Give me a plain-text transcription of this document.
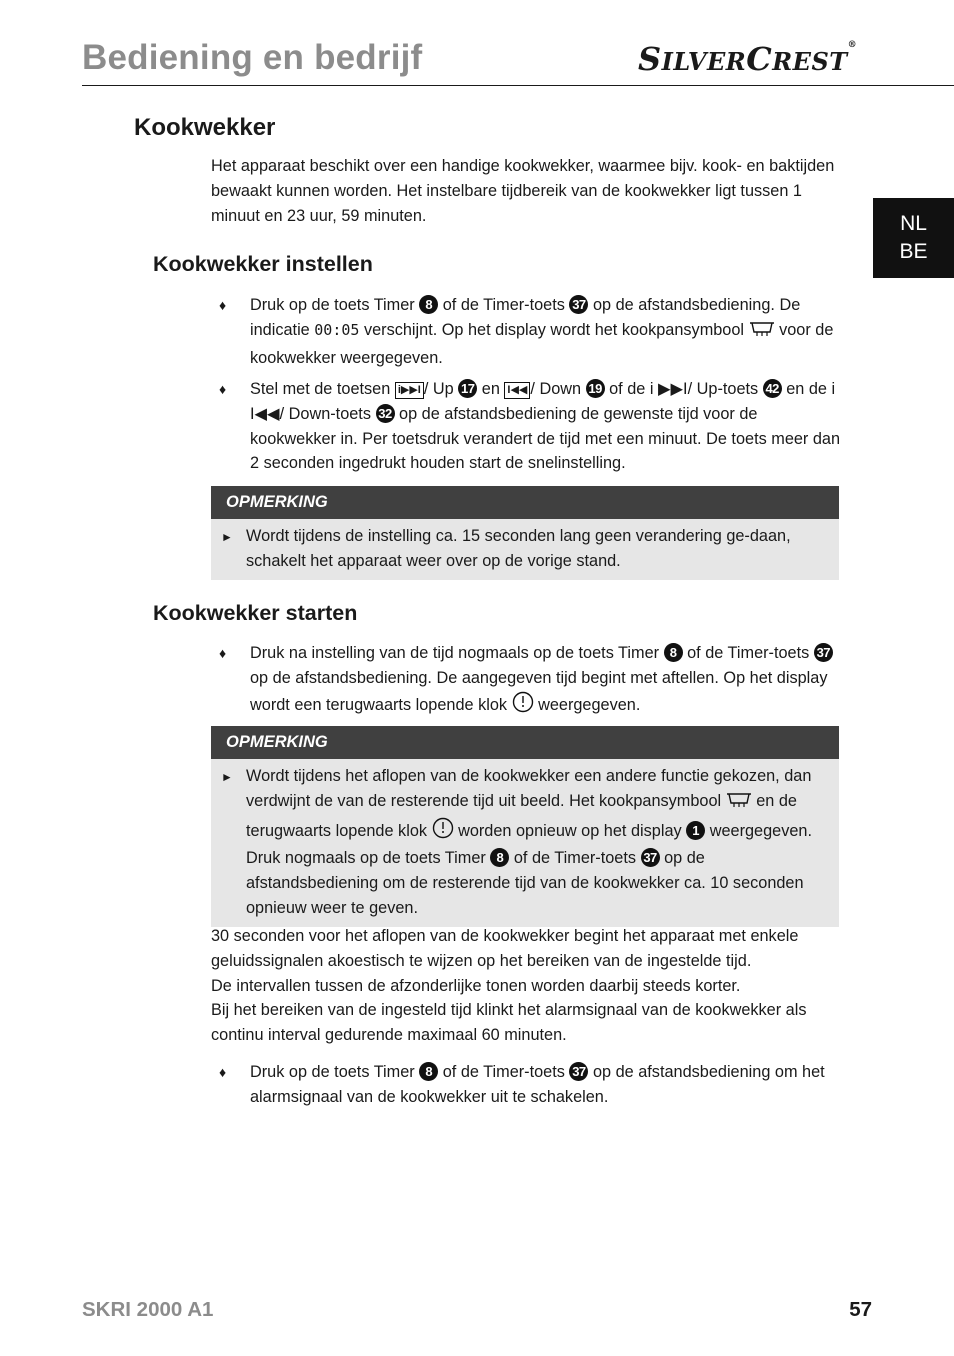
Bediening en bedrijf	SILVERCREST®
NL
BE
Kookwekker
Het apparaat beschikt over een handige kookwekker, waarmee bijv. kook- en baktijden bewaakt kunnen worden. Het instelbare tijdbereik van de kookwekker ligt tussen 1 minuut en 23 uur, 59 minuten.
Kookwekker instellen
♦ Druk op de toets Timer 8 of de Timer-toets 37 op de afstandsbediening. De indicatie 00:05 verschijnt. Op het display wordt het kookpansymbool  voor de kookwekker weergegeven.
♦ Stel met de toetsen i▶▶I / Up 17 en I◀◀ / Down 19 of de i ▶▶I/ Up-toets 42 en de i I◀◀/ Down-toets 32 op de afstandsbediening de gewenste tijd voor de kookwekker in. Per toetsdruk verandert de tijd met een minuut. De toets meer dan 2 seconden ingedrukt houden start de snelinstelling.
OPMERKING
► Wordt tijdens de instelling ca. 15 seconden lang geen verandering ge-daan, schakelt het apparaat weer over op de vorige stand.
Kookwekker starten
♦ Druk na instelling van de tijd nogmaals op de toets Timer 8 of de Timer-toets 37 op de afstandsbediening. De aangegeven tijd begint met aftellen. Op het display wordt een terugwaarts lopende klok  weergegeven.
OPMERKING
► Wordt tijdens het aflopen van de kookwekker een andere functie gekozen, dan verdwijnt de van de resterende tijd uit beeld. Het kookpansymbool  en de terugwaarts lopende klok  worden opnieuw op het display 1 weergegeven. Druk nogmaals op de toets Timer 8 of de Timer-toets 37 op de afstandsbediening om de resterende tijd van de kookwekker ca. 10 seconden opnieuw weer te geven.
30 seconden voor het aflopen van de kookwekker begint het apparaat met enkele geluidssignalen akoestisch te wijzen op het bereiken van de ingestelde tijd.
De intervallen tussen de afzonderlijke tonen worden daarbij steeds korter.
Bij het bereiken van de ingesteld tijd klinkt het alarmsignaal van de kookwekker als continu interval gedurende maximaal 60 minuten.
♦ Druk op de toets Timer 8 of de Timer-toets 37 op de afstandsbediening om het alarmsignaal van de kookwekker uit te schakelen.
SKRI 2000 A1	57
